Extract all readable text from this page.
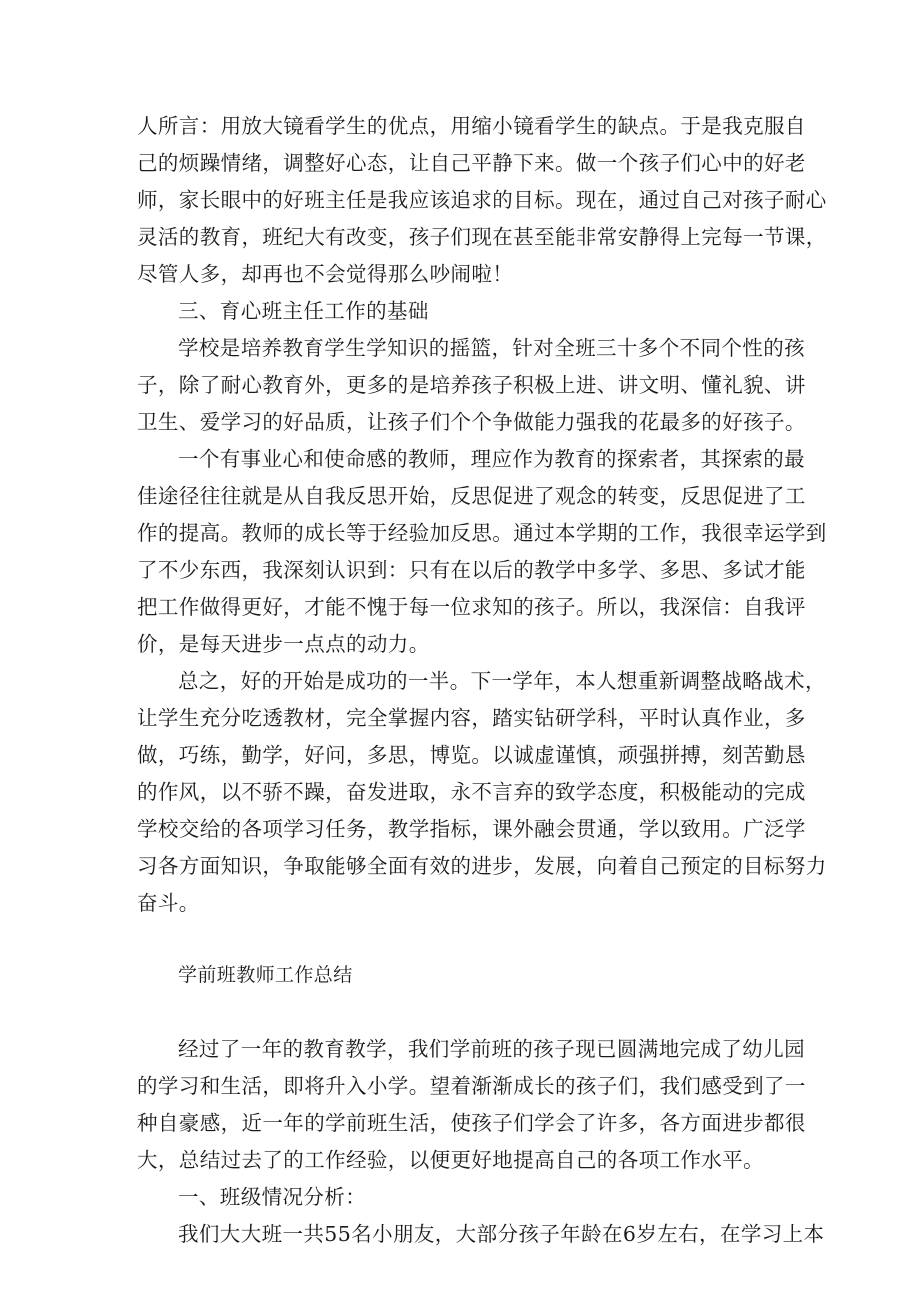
人所言：用放大镜看学生的优点，用缩小镜看学生的缺点。于是我克服自
己的烦躁情绪，调整好心态，让自己平静下来。做一个孩子们心中的好老
师，家长眼中的好班主任是我应该追求的目标。现在，通过自己对孩子耐心
灵活的教育，班纪大有改变，孩子们现在甚至能非常安静得上完每一节课，
尽管人多，却再也不会觉得那么吵闹啦！
三、育心班主任工作的基础
学校是培养教育学生学知识的摇篮，针对全班三十多个不同个性的孩
子，除了耐心教育外，更多的是培养孩子积极上进、讲文明、懂礼貌、讲
卫生、爱学习的好品质，让孩子们个个争做能力强我的花最多的好孩子。
一个有事业心和使命感的教师，理应作为教育的探索者，其探索的最
佳途径往往就是从自我反思开始，反思促进了观念的转变，反思促进了工
作的提高。教师的成长等于经验加反思。通过本学期的工作，我很幸运学到
了不少东西，我深刻认识到：只有在以后的教学中多学、多思、多试才能
把工作做得更好，才能不愧于每一位求知的孩子。所以，我深信：自我评
价，是每天进步一点点的动力。
总之，好的开始是成功的一半。下一学年，本人想重新调整战略战术，
让学生充分吃透教材，完全掌握内容，踏实钻研学科，平时认真作业，多
做，巧练，勤学，好问，多思，博览。以诚虚谨慎，顽强拼搏，刻苦勤恳
的作风，以不骄不躁，奋发进取，永不言弃的致学态度，积极能动的完成
学校交给的各项学习任务，教学指标，课外融会贯通，学以致用。广泛学
习各方面知识，争取能够全面有效的进步，发展，向着自己预定的目标努力
奋斗。
学前班教师工作总结
经过了一年的教育教学，我们学前班的孩子现已圆满地完成了幼儿园
的学习和生活，即将升入小学。望着渐渐成长的孩子们，我们感受到了一
种自豪感，近一年的学前班生活，使孩子们学会了许多，各方面进步都很
大，总结过去了的工作经验，以便更好地提高自己的各项工作水平。
一、班级情况分析：
我们大大班一共55名小朋友，大部分孩子年龄在6岁左右，在学习上本
